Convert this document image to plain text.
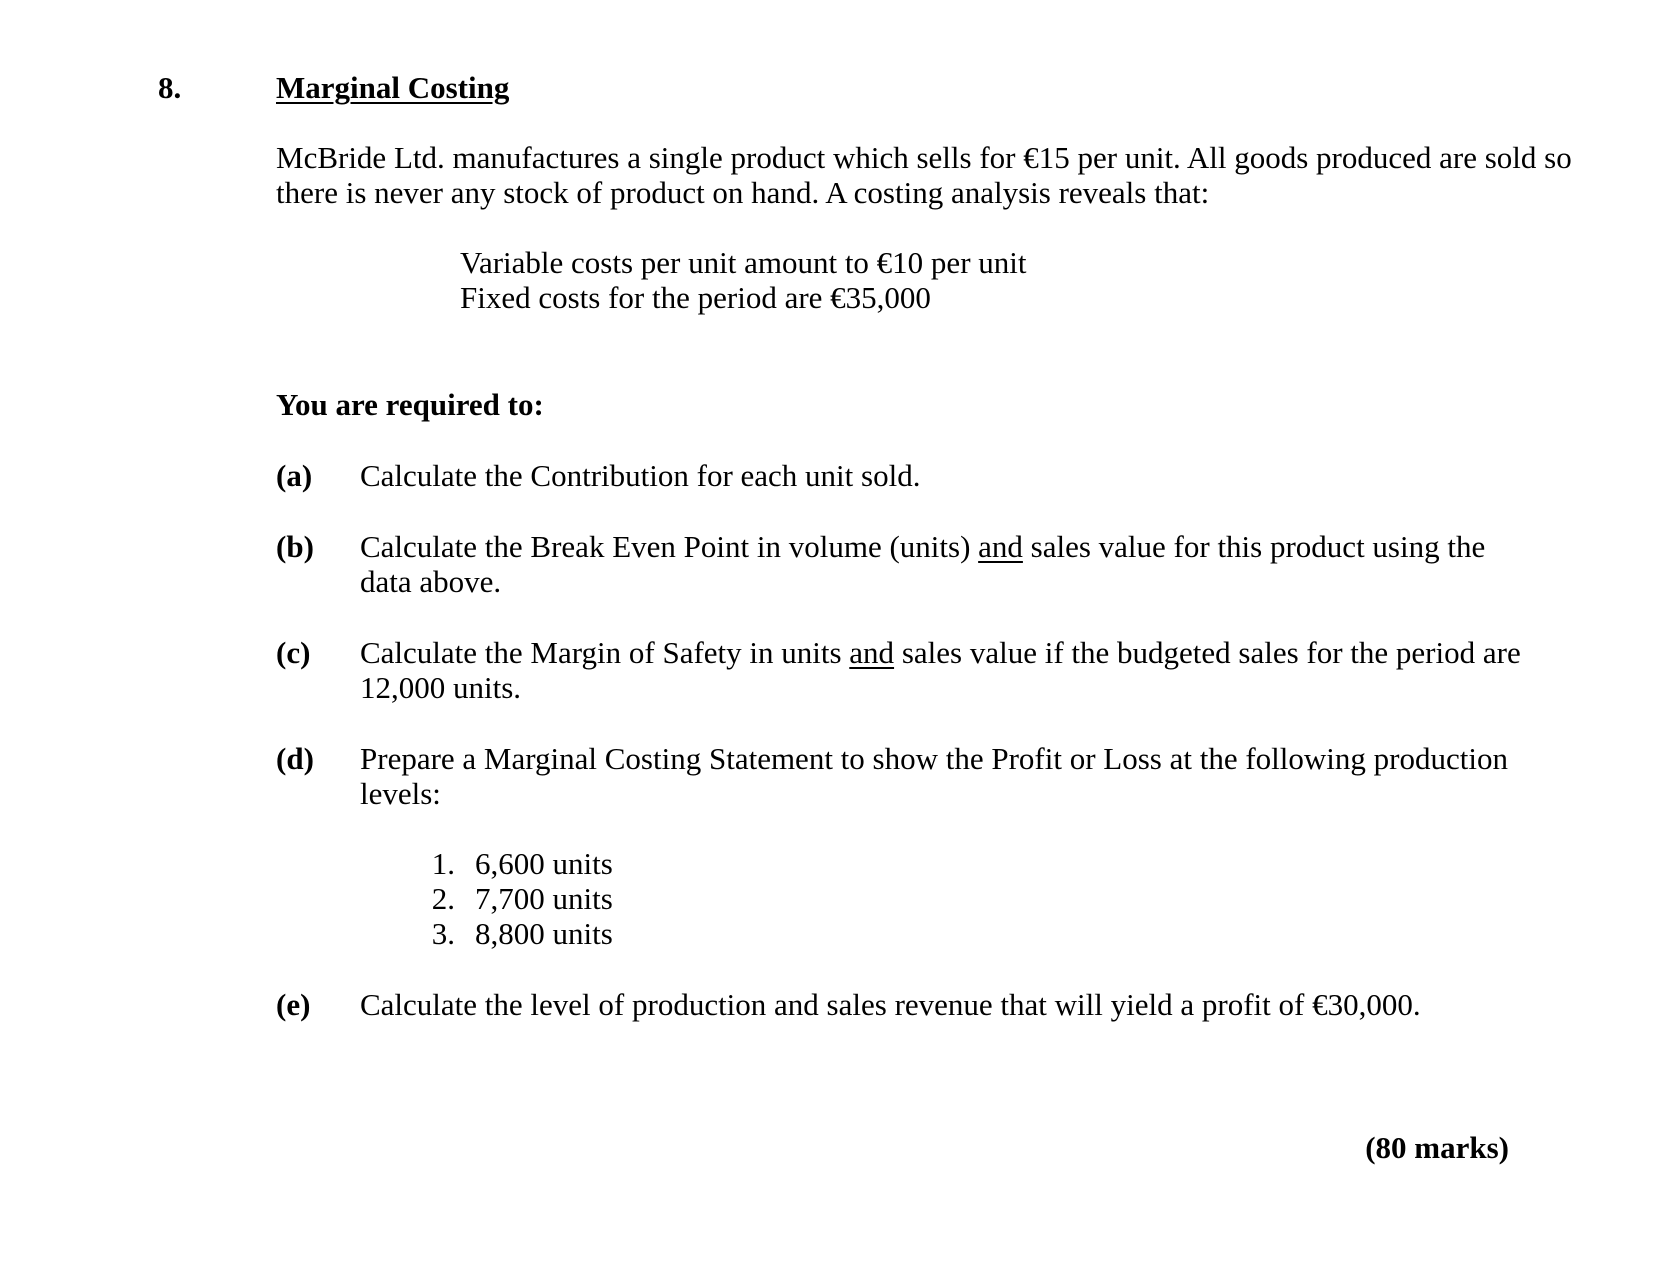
8.	Marginal Costing
McBride Ltd. manufactures a single product which sells for €15 per unit. All goods produced are sold so there is never any stock of product on hand. A costing analysis reveals that:
Variable costs per unit amount to €10 per unit
Fixed costs for the period are €35,000
You are required to:
(a) Calculate the Contribution for each unit sold.
(b) Calculate the Break Even Point in volume (units) and sales value for this product using the data above.
(c) Calculate the Margin of Safety in units and sales value if the budgeted sales for the period are 12,000 units.
(d) Prepare a Marginal Costing Statement to show the Profit or Loss at the following production levels:
1. 6,600 units
2. 7,700 units
3. 8,800 units
(e) Calculate the level of production and sales revenue that will yield a profit of €30,000.
(80 marks)
